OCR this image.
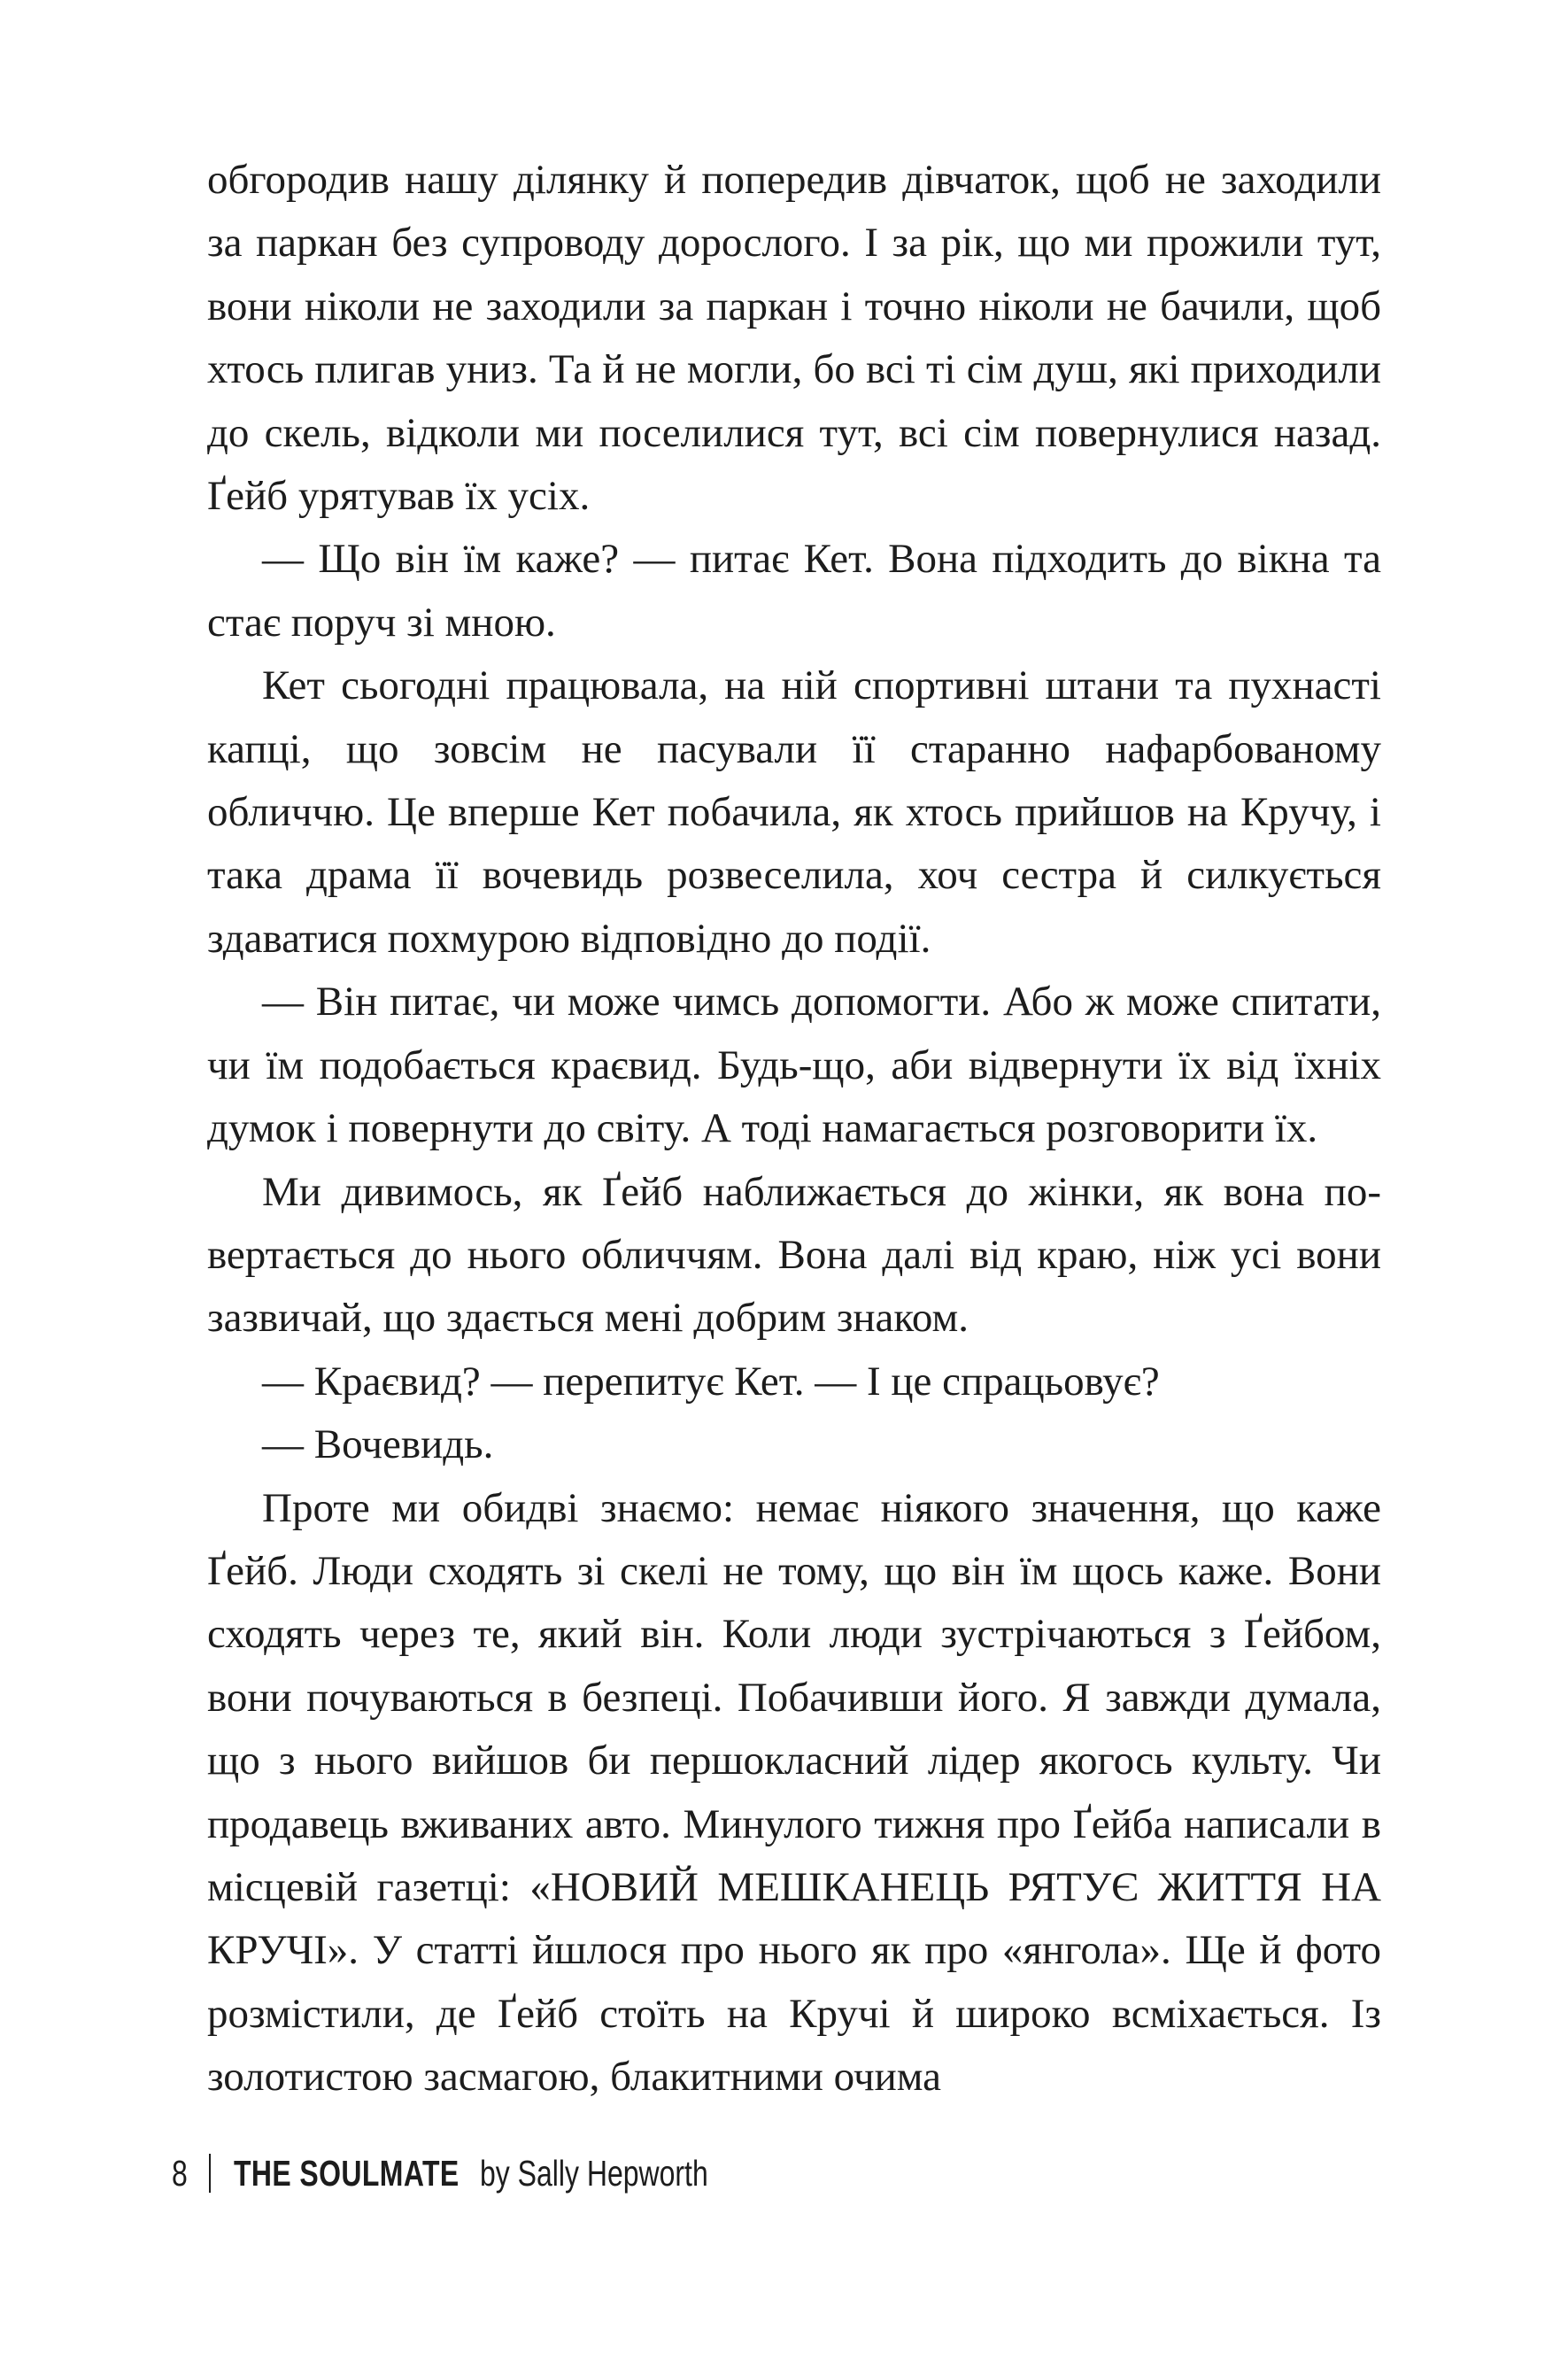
обгородив нашу ділянку й попередив дівчаток, щоб не заходили за паркан без супроводу дорослого. І за рік, що ми прожили тут, вони ніколи не заходили за паркан і точно ніколи не бачили, щоб хтось плигав униз. Та й не могли, бо всі ті сім душ, які приходили до скель, відколи ми поселилися тут, всі сім повернулися назад. Ґейб урятував їх усіх.

— Що він їм каже? — питає Кет. Вона підходить до вікна та стає поруч зі мною.

Кет сьогодні працювала, на ній спортивні штани та пухнасті капці, що зовсім не пасували її старанно нафарбованому обличчю. Це вперше Кет побачила, як хтось прийшов на Кручу, і така драма її вочевидь розвеселила, хоч сестра й силкується здаватися похмурою відповідно до події.

— Він питає, чи може чимсь допомогти. Або ж може спитати, чи їм подобається краєвид. Будь-що, аби відвернути їх від їхніх думок і повернути до світу. А тоді намагається розговорити їх.

Ми дивимось, як Ґейб наближається до жінки, як вона повертається до нього обличчям. Вона далі від краю, ніж усі вони зазвичай, що здається мені добрим знаком.

— Краєвид? — перепитує Кет. — І це спрацьовує?

— Вочевидь.

Проте ми обидві знаємо: немає ніякого значення, що каже Ґейб. Люди сходять зі скелі не тому, що він їм щось каже. Вони сходять через те, який він. Коли люди зустрічаються з Ґейбом, вони почуваються в безпеці. Побачивши його. Я завжди думала, що з нього вийшов би першокласний лідер якогось культу. Чи продавець вживаних авто. Минулого тижня про Ґейба написали в місцевій газетці: «НОВИЙ МЕШКАНЕЦЬ РЯТУЄ ЖИТТЯ НА КРУЧІ». У статті йшлося про нього як про «янгола». Ще й фото розмістили, де Ґейб стоїть на Кручі й широко всміхається. Із золотистою засмагою, блакитними очима

8 THE SOULMATE by Sally Hepworth
